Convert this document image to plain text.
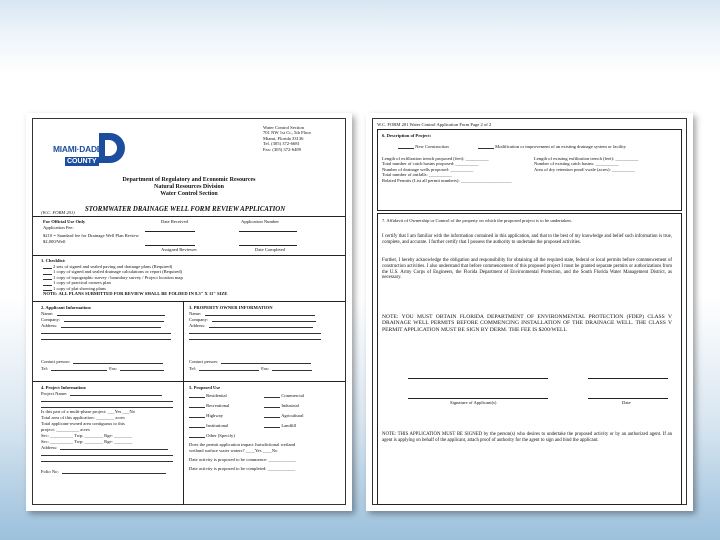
MIAMI·DADE
COUNTY
Water Control Section
701 NW 1st Ct., 5th Floor
Miami, Florida 33136
Tel. (305) 372-6681
Fax: (305) 372-6489
Department of Regulatory and Economic Resources
Natural Resources Division
Water Control Section
(W.C. FORM 201) STORMWATER DRAINAGE WELL FORM REVIEW APPLICATION
For Official Use Only	Date Received	Application Number
Application Fee:
$210 = Standard fee for Drainage Well Plan Review
$2,000/Well
Assigned Reviewer	Date Completed
1. Checklist:
2 sets of signed and sealed paving and drainage plans (Required)
1 copy of signed and sealed drainage calculations or report (Required)
1 copy of topographic survey / boundary survey / Project location map
1 copy of practical owners plan
1 copy of plat showing plans
NOTE: ALL PLANS SUBMITTED FOR REVIEW SHALL BE FOLDED IN 8.5" X 11" SIZE
2. Applicant Information:
Name:
Company:
Address:
Contact person:
Tel:	Fax:
3. PROPERTY OWNER INFORMATION
Name:
Company:
Address:
Contact person:
Tel:	Fax:
4. Project Information:
Project Name:
Is this part of a multi-phase project: ___Yes ___No
Total area of this application: ________ acres
Total applicant-owned area contiguous to this
project: __________ acres
Sec: __________ Twp: ________ Rge: ________
Sec: __________ Twp: ________ Rge: ________
Address:
Folio No:
5. Proposed Use
Residential	Commercial
Recreational	Industrial
Highway	Agricultural
Institutional	Landfill
Other (Specify)
Does the permit application impact Jurisdictional wetland
wetland surface water waters? ____Yes ____No
Date activity is proposed to be commence: ____________
Date activity is proposed to be completed: ____________
W.C. FORM 201 Water Control Application Form Page 2 of 2
6. Description of Project:
New Construction	Modification or improvement of an existing drainage system or facility
Length of exfiltration trench proposed (feet): __________
Total number of catch basins proposed: __________
Number of drainage wells proposed: __________
Total number of outfalls: __________
Related Permits (List all permit numbers): ______________________
Length of existing exfiltration trench (feet): __________
Number of existing catch basins: __________
Area of dry retention pond/ swale (acres): __________
7. Affidavit of Ownership or Control of the property on which the proposed project is to be undertaken.
I certify that I am familiar with the information contained in this application, and that to the best of my knowledge and belief such information is true, complete, and accurate. I further certify that I possess the authority to undertake the proposed activities.
Further, I hereby acknowledge the obligation and responsibility for obtaining all the required state, federal or local permits before commencement of construction activities. I also understand that before commencement of this proposed project I must be granted separate permits or authorizations from the U.S. Army Corps of Engineers, the Florida Department of Environmental Protection, and the South Florida Water Management District, as necessary.
NOTE: YOU MUST OBTAIN FLORIDA DEPARTMENT OF ENVIRONMENTAL PROTECTION (FDEP) CLASS V DRAINAGE WELL PERMITS BEFORE COMMENCING INSTALLATION OF THE DRAINAGE WELL. THE CLASS V PERMIT APPLICATION MUST BE SIGN BY DERM. THE FEE IS $200/WELL
Signature of Applicant(s)	Date
NOTE: THIS APPLICATION MUST BE SIGNED by the person(s) who desires to undertake the proposed activity or by an authorized agent. If an agent is applying on behalf of the applicant, attach proof of authority for the agent to sign and bind the applicant.
